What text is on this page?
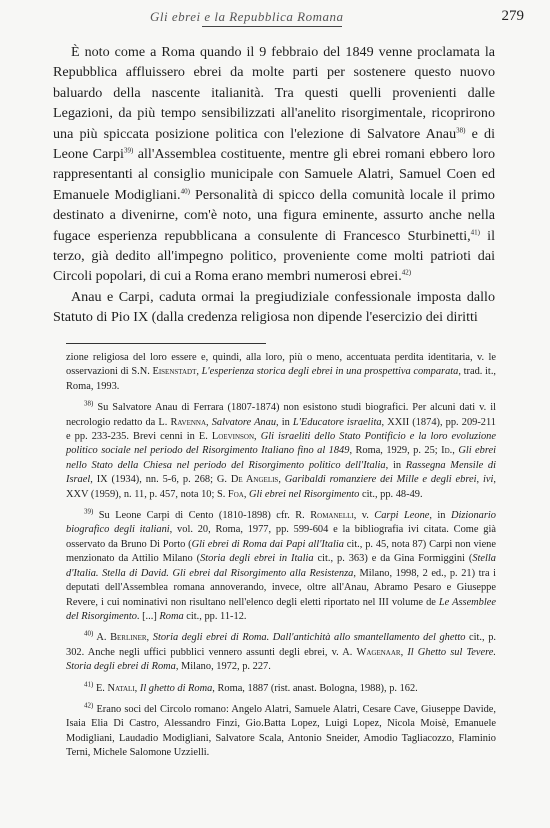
Gli ebrei e la Repubblica Romana	279

È noto come a Roma quando il 9 febbraio del 1849 venne proclamata la Repubblica affluissero ebrei da molte parti per sostenere questo nuovo baluardo della nascente italianità. Tra questi quelli provenienti dalle Legazioni, da più tempo sensibilizzati all'anelito risorgimentale, ricoprirono una più spiccata posizione politica con l'elezione di Salvatore Anau$^{38)}$ e di Leone Carpi$^{39)}$ all'Assemblea costituente, mentre gli ebrei romani ebbero loro rappresentanti al consiglio municipale con Samuele Alatri, Samuel Coen ed Emanuele Modigliani.$^{40)}$ Personalità di spicco della comunità locale il primo destinato a divenirne, com'è noto, una figura eminente, assurto anche nella fugace esperienza repubblicana a consulente di Francesco Sturbinetti,$^{41)}$ il terzo, già dedito all'impegno politico, proveniente come molti patrioti dai Circoli popolari, di cui a Roma erano membri numerosi ebrei.$^{42)}$

Anau e Carpi, caduta ormai la pregiudiziale confessionale imposta dallo Statuto di Pio IX (dalla credenza religiosa non dipende l'esercizio dei diritti

zione religiosa del loro essere e, quindi, alla loro, più o meno, accentuata perdita identitaria, v. le osservazioni di S.N. Eisenstadt, L'esperienza storica degli ebrei in una prospettiva comparata, trad. it., Roma, 1993.

$^{38)}$ Su Salvatore Anau di Ferrara (1807-1874) non esistono studi biografici. Per alcuni dati v. il necrologio redatto da L. Ravenna, Salvatore Anau, in L'Educatore israelita, XXII (1874), pp. 209-211 e pp. 233-235. Brevi cenni in E. Loevinson, Gli israeliti dello Stato Pontificio e la loro evoluzione politico sociale nel periodo del Risorgimento Italiano fino al 1849, Roma, 1929, p. 25; Id., Gli ebrei nello Stato della Chiesa nel periodo del Risorgimento politico dell'Italia, in Rassegna Mensile di Israel, IX (1934), nn. 5-6, p. 268; G. De Angelis, Garibaldi romanziere dei Mille e degli ebrei, ivi, XXV (1959), n. 11, p. 457, nota 10; S. Foa, Gli ebrei nel Risorgimento cit., pp. 48-49.

$^{39)}$ Su Leone Carpi di Cento (1810-1898) cfr. R. Romanelli, v. Carpi Leone, in Dizionario biografico degli italiani, vol. 20, Roma, 1977, pp. 599-604 e la bibliografia ivi citata. Come già osservato da Bruno Di Porto (Gli ebrei di Roma dai Papi all'Italia cit., p. 45, nota 87) Carpi non viene menzionato da Attilio Milano (Storia degli ebrei in Italia cit., p. 363) e da Gina Formiggini (Stella d'Italia. Stella di David. Gli ebrei dal Risorgimento alla Resistenza, Milano, 1998, 2 ed., p. 21) tra i deputati dell'Assemblea romana annoverando, invece, oltre all'Anau, Abramo Pesaro e Giuseppe Revere, i cui nominativi non risultano nell'elenco degli eletti riportato nel III volume de Le Assemblee del Risorgimento. [...] Roma cit., pp. 11-12.

$^{40)}$ A. Berliner, Storia degli ebrei di Roma. Dall'antichità allo smantellamento del ghetto cit., p. 302. Anche negli uffici pubblici vennero assunti degli ebrei, v. A. Wagenaar, Il Ghetto sul Tevere. Storia degli ebrei di Roma, Milano, 1972, p. 227.

$^{41)}$ E. Natali, Il ghetto di Roma, Roma, 1887 (rist. anast. Bologna, 1988), p. 162.

$^{42)}$ Erano soci del Circolo romano: Angelo Alatri, Samuele Alatri, Cesare Cave, Giuseppe Davide, Isaia Elia Di Castro, Alessandro Finzi, Gio.Batta Lopez, Luigi Lopez, Nicola Moisè, Emanuele Modigliani, Laudadio Modigliani, Salvatore Scala, Antonio Sneider, Amodio Tagliacozzo, Flaminio Terni, Michele Salomone Uzzielli.
